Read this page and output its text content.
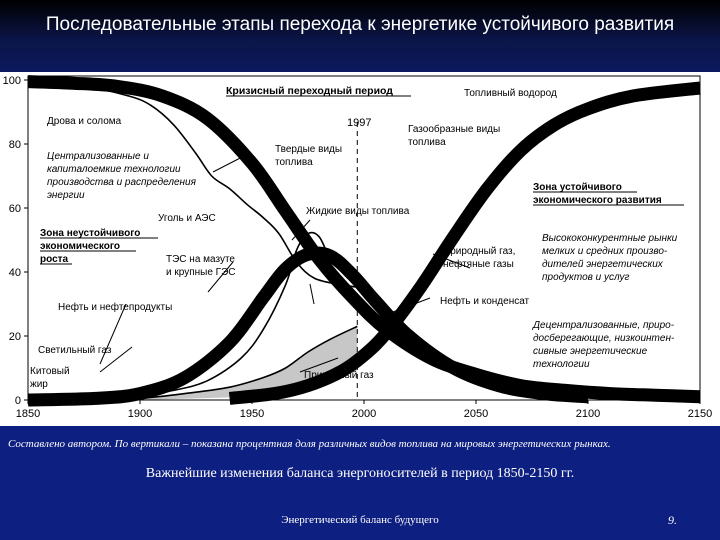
Последовательные этапы перехода к энергетике устойчивого развития
0
20
40
60
80
100
1850	1900	1950	2000	2050	2100	2150
Кризисный переходный период
1997
Топливный водород
Газообразные виды топлива
Дрова и солома
Централизованные и капиталоемкие технологии производства и распределения энергии
Твердые виды топлива
Уголь и АЭС
Жидкие виды топлива
Зона неустойчивого экономического роста	ТЭС на мазуте и крупные ГЭС
Нефть и нефтепродукты
Светильный газ
Китовый жир
Природный газ, нефтяные газы
Нефть и конденсат
Природный газ
Зона устойчивого экономического развития
Высококонкурентные рынки мелких и средних произво-дителей энергетических продуктов и услуг
Децентрализованные, приро-досберегающие, низкоинтен-сивные энергетические технологии
Составлено автором. По вертикали – показана процентная доля различных видов топлива на мировых энергетических рынках.
Важнейшие изменения баланса энергоносителей в период 1850-2150 гг.
Энергетический баланс будущего	9.
